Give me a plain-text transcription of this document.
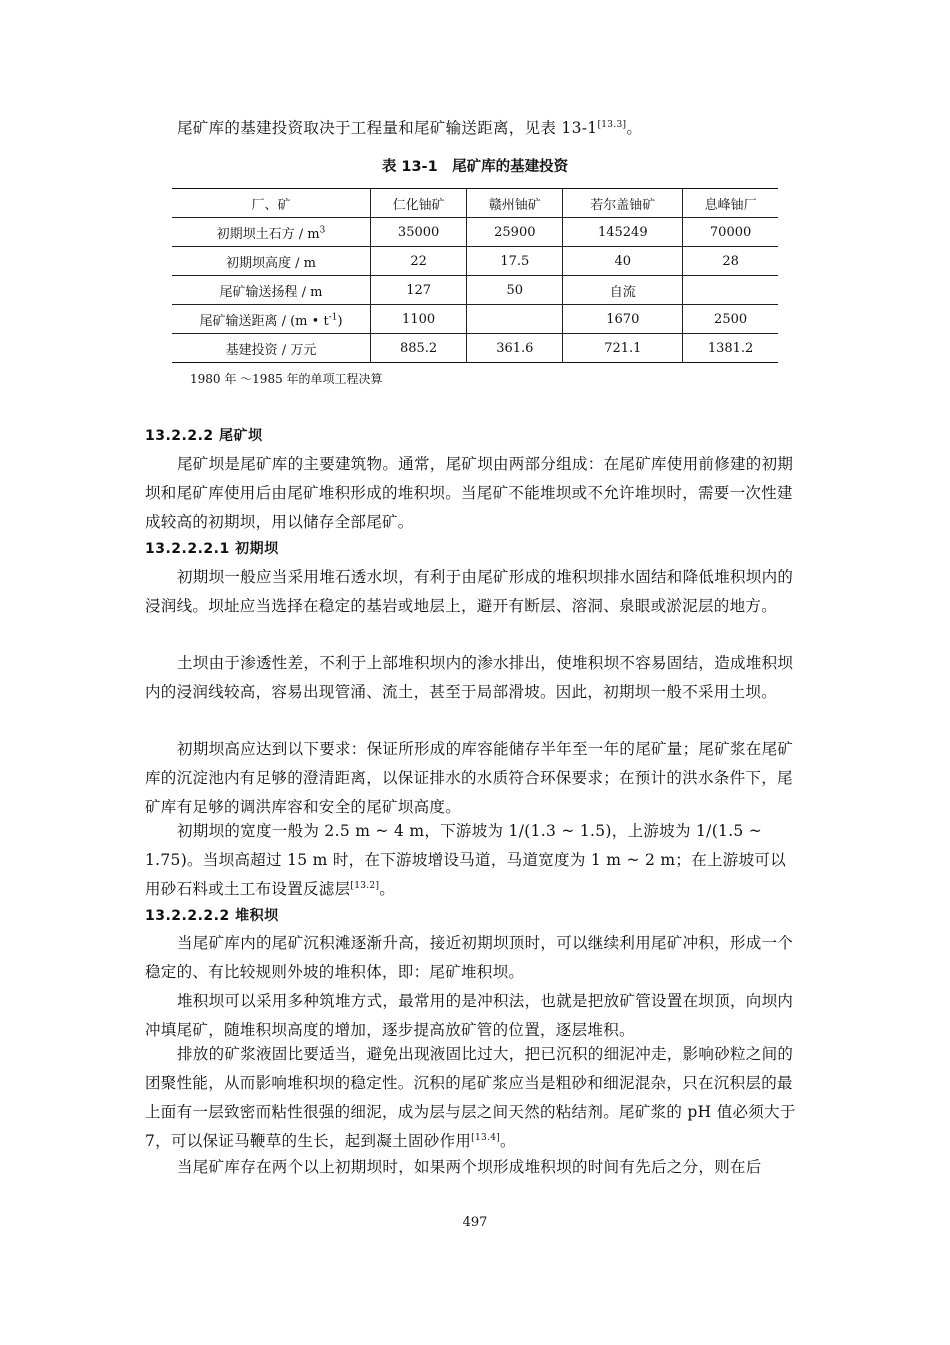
尾矿库的基建投资取决于工程量和尾矿输送距离，见表 13-1[13.3]。
表 13-1　尾矿库的基建投资
厂、矿	仁化铀矿	赣州铀矿	若尔盖铀矿	息峰铀厂
初期坝土石方 / $m^3$	35000	25900	145249	70000
初期坝高度 / m	22	17.5	40	28
尾矿输送扬程 / m	127	50	自流	
尾矿输送距离 / (m • $t^{-1}$)	1100		1670	2500
基建投资 / 万元	885.2	361.6	721.1	1381.2
1980 年 ～1985 年的单项工程决算
13.2.2.2 尾矿坝
尾矿坝是尾矿库的主要建筑物。通常，尾矿坝由两部分组成：在尾矿库使用前修建的初期坝和尾矿库使用后由尾矿堆积形成的堆积坝。当尾矿不能堆坝或不允许堆坝时，需要一次性建成较高的初期坝，用以储存全部尾矿。
13.2.2.2.1 初期坝
初期坝一般应当采用堆石透水坝，有利于由尾矿形成的堆积坝排水固结和降低堆积坝内的浸润线。坝址应当选择在稳定的基岩或地层上，避开有断层、溶洞、泉眼或淤泥层的地方。
土坝由于渗透性差，不利于上部堆积坝内的渗水排出，使堆积坝不容易固结，造成堆积坝内的浸润线较高，容易出现管涌、流土，甚至于局部滑坡。因此，初期坝一般不采用土坝。
初期坝高应达到以下要求：保证所形成的库容能储存半年至一年的尾矿量；尾矿浆在尾矿库的沉淀池内有足够的澄清距离，以保证排水的水质符合环保要求；在预计的洪水条件下，尾矿库有足够的调洪库容和安全的尾矿坝高度。
初期坝的宽度一般为 2.5 m ~ 4 m，下游坡为 1/(1.3 ~ 1.5)，上游坡为 1/(1.5 ~ 1.75)。当坝高超过 15 m 时，在下游坡增设马道，马道宽度为 1 m ~ 2 m；在上游坡可以用砂石料或土工布设置反滤层[13.2]。
13.2.2.2.2 堆积坝
当尾矿库内的尾矿沉积滩逐渐升高，接近初期坝顶时，可以继续利用尾矿冲积，形成一个稳定的、有比较规则外坡的堆积体，即：尾矿堆积坝。
堆积坝可以采用多种筑堆方式，最常用的是冲积法，也就是把放矿管设置在坝顶，向坝内冲填尾矿，随堆积坝高度的增加，逐步提高放矿管的位置，逐层堆积。
排放的矿浆液固比要适当，避免出现液固比过大，把已沉积的细泥冲走，影响砂粒之间的团聚性能，从而影响堆积坝的稳定性。沉积的尾矿浆应当是粗砂和细泥混杂，只在沉积层的最上面有一层致密而粘性很强的细泥，成为层与层之间天然的粘结剂。尾矿浆的 pH 值必须大于 7，可以保证马鞭草的生长，起到凝土固砂作用[13.4]。
当尾矿库存在两个以上初期坝时，如果两个坝形成堆积坝的时间有先后之分，则在后
497
